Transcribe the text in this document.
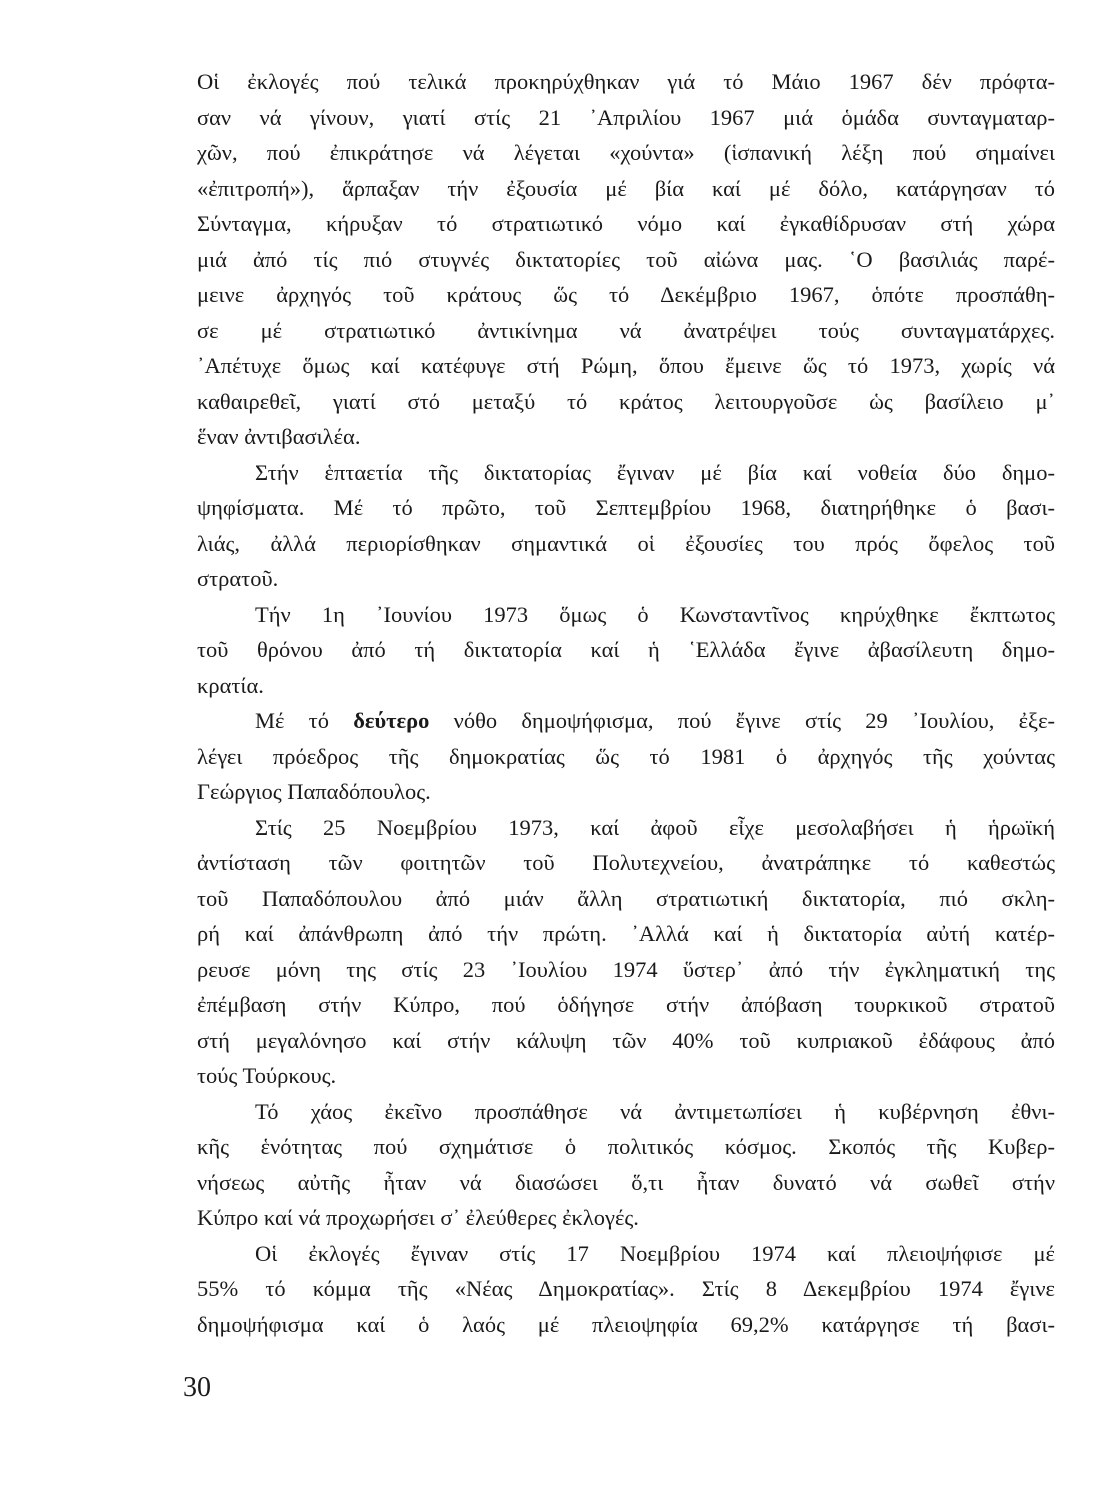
Οἱ ἐκλογές πού τελικά προκηρύχθηκαν γιά τό Μάιο 1967 δέν πρόφτα-
σαν νά γίνουν, γιατί στίς 21 ᾽Απριλίου 1967 μιά ὁμάδα συνταγματαρ-
χῶν, πού ἐπικράτησε νά λέγεται «χούντα» (ἱσπανική λέξη πού σημαίνει
«ἐπιτροπή»), ἅρπαξαν τήν ἐξουσία μέ βία καί μέ δόλο, κατάργησαν τό
Σύνταγμα, κήρυξαν τό στρατιωτικό νόμο καί ἐγκαθίδρυσαν στή χώρα
μιά ἀπό τίς πιό στυγνές δικτατορίες τοῦ αἰώνα μας. ῾Ο βασιλιάς παρέ-
μεινε ἀρχηγός τοῦ κράτους ὥς τό Δεκέμβριο 1967, ὁπότε προσπάθη-
σε μέ στρατιωτικό ἀντικίνημα νά ἀνατρέψει τούς συνταγματάρχες.
᾽Απέτυχε ὅμως καί κατέφυγε στή Ρώμη, ὅπου ἔμεινε ὥς τό 1973, χωρίς νά
καθαιρεθεῖ, γιατί στό μεταξύ τό κράτος λειτουργοῦσε ὡς βασίλειο μ᾽
ἕναν ἀντιβασιλέα.
Στήν ἑπταετία τῆς δικτατορίας ἔγιναν μέ βία καί νοθεία δύο δημο-
ψηφίσματα. Μέ τό πρῶτο, τοῦ Σεπτεμβρίου 1968, διατηρήθηκε ὁ βασι-
λιάς, ἀλλά περιορίσθηκαν σημαντικά οἱ ἐξουσίες του πρός ὄφελος τοῦ
στρατοῦ.
Τήν 1η ᾽Ιουνίου 1973 ὅμως ὁ Κωνσταντῖνος κηρύχθηκε ἔκπτωτος
τοῦ θρόνου ἀπό τή δικτατορία καί ἡ ῾Ελλάδα ἔγινε ἀβασίλευτη δημο-
κρατία.
Μέ τό δεύτερο νόθο δημοψήφισμα, πού ἔγινε στίς 29 ᾽Ιουλίου, ἐξε-
λέγει πρόεδρος τῆς δημοκρατίας ὥς τό 1981 ὁ ἀρχηγός τῆς χούντας
Γεώργιος Παπαδόπουλος.
Στίς 25 Νοεμβρίου 1973, καί ἀφοῦ εἶχε μεσολαβήσει ἡ ἡρωϊκή
ἀντίσταση τῶν φοιτητῶν τοῦ Πολυτεχνείου, ἀνατράπηκε τό καθεστώς
τοῦ Παπαδόπουλου ἀπό μιάν ἄλλη στρατιωτική δικτατορία, πιό σκλη-
ρή καί ἀπάνθρωπη ἀπό τήν πρώτη. ᾽Αλλά καί ἡ δικτατορία αὐτή κατέρ-
ρευσε μόνη της στίς 23 ᾽Ιουλίου 1974 ὕστερ᾽ ἀπό τήν ἐγκληματική της
ἐπέμβαση στήν Κύπρο, πού ὁδήγησε στήν ἀπόβαση τουρκικοῦ στρατοῦ
στή μεγαλόνησο καί στήν κάλυψη τῶν 40% τοῦ κυπριακοῦ ἐδάφους ἀπό
τούς Τούρκους.
Τό χάος ἐκεῖνο προσπάθησε νά ἀντιμετωπίσει ἡ κυβέρνηση ἐθνι-
κῆς ἑνότητας πού σχημάτισε ὁ πολιτικός κόσμος. Σκοπός τῆς Κυβερ-
νήσεως αὐτῆς ἦταν νά διασώσει ὅ,τι ἦταν δυνατό νά σωθεῖ στήν
Κύπρο καί νά προχωρήσει σ᾽ ἐλεύθερες ἐκλογές.
Οἱ ἐκλογές ἔγιναν στίς 17 Νοεμβρίου 1974 καί πλειοψήφισε μέ
55% τό κόμμα τῆς «Νέας Δημοκρατίας». Στίς 8 Δεκεμβρίου 1974 ἔγινε
δημοψήφισμα καί ὁ λαός μέ πλειοψηφία 69,2% κατάργησε τή βασι-
30
